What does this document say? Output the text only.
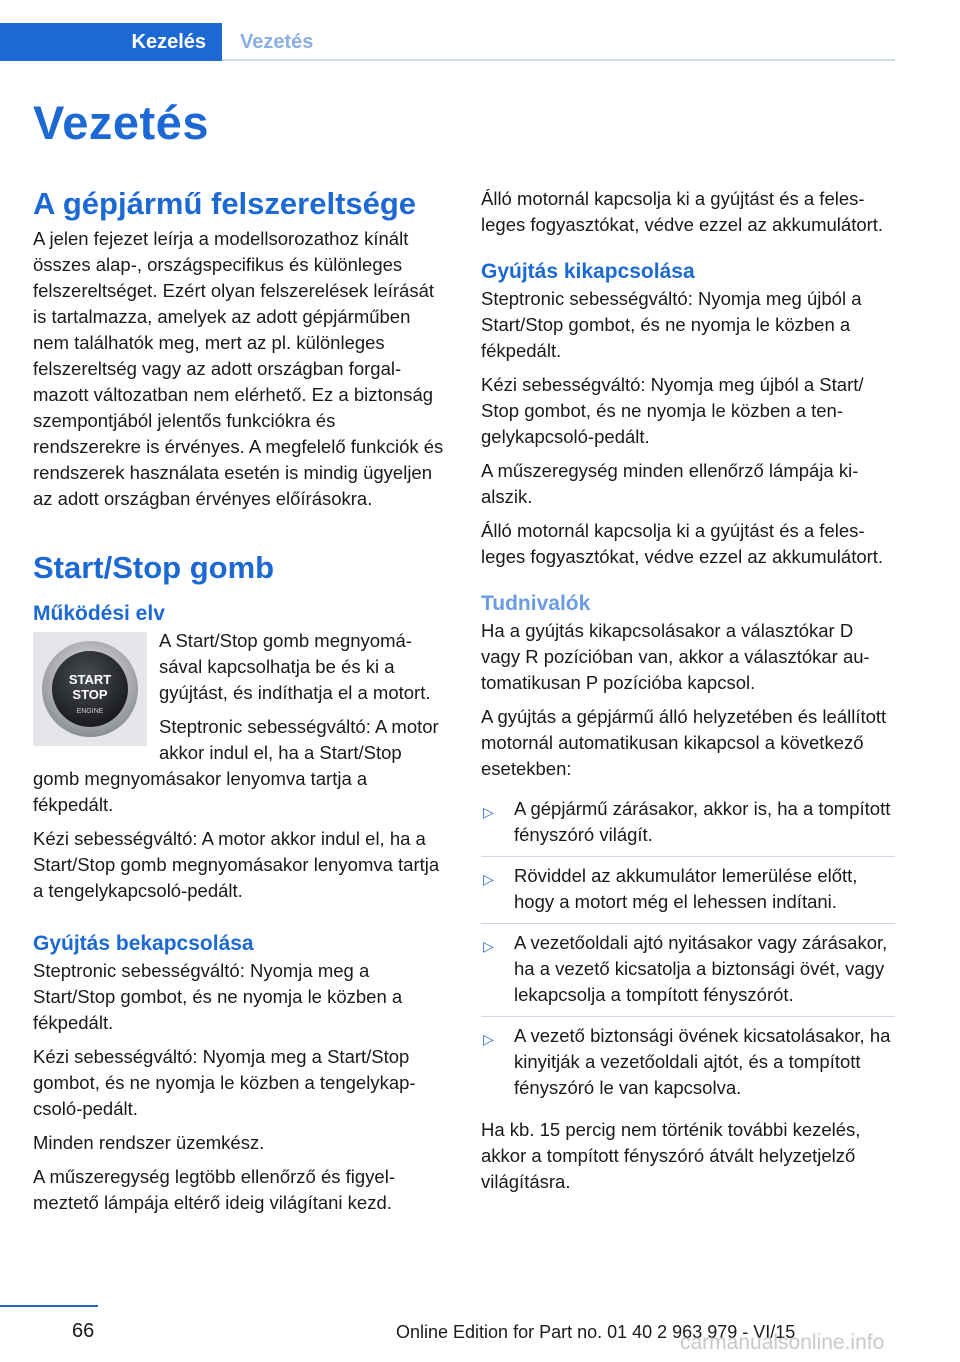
Kezelés Vezetés
Vezetés
A gépjármű felszereltsége

A jelen fejezet leírja a modellsorozathoz kínált összes alap-, országspecifikus és különleges felszereltséget. Ezért olyan felszerelések leírását is tartalmazza, amelyek az adott gépjárműben nem találhatók meg, mert az pl. különleges felszereltség vagy az adott országban forgalmazott változatban nem elérhető. Ez a biztonság szempontjából jelentős funkciókra és rendszerekre is érvényes. A megfelelő funkciók és rendszerek használata esetén is mindig ügyeljen az adott országban érvényes előírásokra.

Start/Stop gomb
Működési elv
START
STOP
ENGINE

A Start/Stop gomb megnyomásával kapcsolhatja be és ki a gyújtást, és indíthatja el a motort.

Steptronic sebességváltó: A motor akkor indul el, ha a Start/Stop gomb megnyomásakor lenyomva tartja a fékpedált.

Kézi sebességváltó: A motor akkor indul el, ha a Start/Stop gomb megnyomásakor lenyomva tartja a tengelykapcsoló-pedált.

Gyújtás bekapcsolása

Steptronic sebességváltó: Nyomja meg a Start/Stop gombot, és ne nyomja le közben a fékpedált.

Kézi sebességváltó: Nyomja meg a Start/Stop gombot, és ne nyomja le közben a tengelykapcsoló-pedált.

Minden rendszer üzemkész.

A műszeregység legtöbb ellenőrző és figyelmeztető lámpája eltérő ideig világítani kezd.

Álló motornál kapcsolja ki a gyújtást és a felesleges fogyasztókat, védve ezzel az akkumulátort.

Gyújtás kikapcsolása

Steptronic sebességváltó: Nyomja meg újból a Start/Stop gombot, és ne nyomja le közben a fékpedált.

Kézi sebességváltó: Nyomja meg újból a Start/ Stop gombot, és ne nyomja le közben a tengelykapcsoló-pedált.

A műszeregység minden ellenőrző lámpája kialszik.

Álló motornál kapcsolja ki a gyújtást és a felesleges fogyasztókat, védve ezzel az akkumulátort.

Tudnivalók

Ha a gyújtás kikapcsolásakor a választókar D vagy R pozícióban van, akkor a választókar automatikusan P pozícióba kapcsol.

A gyújtás a gépjármű álló helyzetében és leállított motornál automatikusan kikapcsol a következő esetekben:

▷ A gépjármű zárásakor, akkor is, ha a tompított fényszóró világít.
▷ Röviddel az akkumulátor lemerülése előtt, hogy a motort még el lehessen indítani.
▷ A vezetőoldali ajtó nyitásakor vagy zárásakor, ha a vezető kicsatolja a biztonsági övét, vagy lekapcsolja a tompított fényszórót.
▷ A vezető biztonsági övének kicsatolásakor, ha kinyitják a vezetőoldali ajtót, és a tompított fényszóró le van kapcsolva.

Ha kb. 15 percig nem történik további kezelés, akkor a tompított fényszóró átvált helyzetjelző világításra.

66	Online Edition for Part no. 01 40 2 963 979 - VI/15
carmanualsonline.info
